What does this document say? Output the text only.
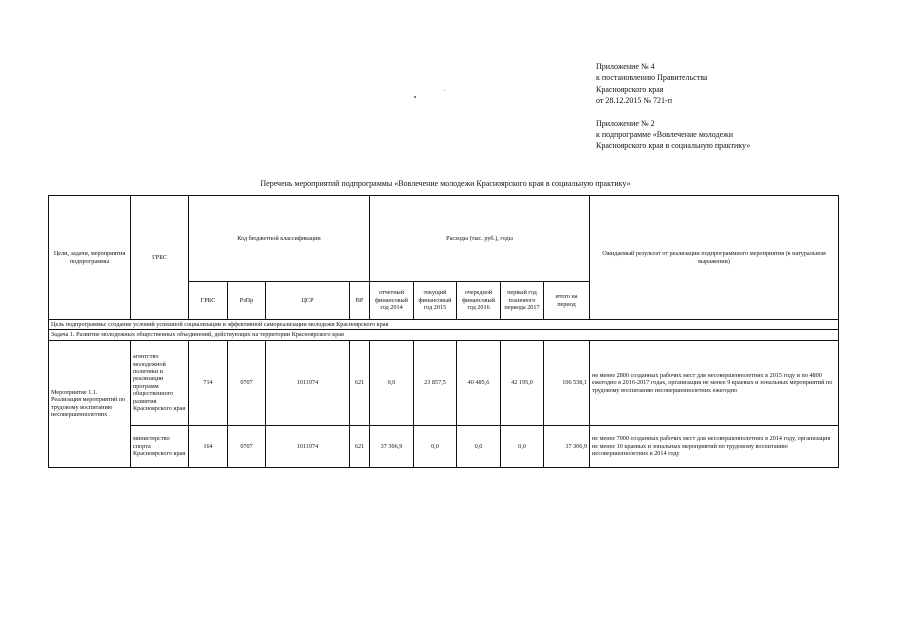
Приложение № 4
к постановлению Правительства
Красноярского края
от 28.12.2015 № 721-п
Приложение № 2
к подпрограмме «Вовлечение молодежи
Красноярского края в социальную практику»
Перечень мероприятий подпрограммы «Вовлечение молодежи Красноярского края в социальную практику»
Цели, задачи, мероприятия подпрограммы	ГРБС	Код бюджетной классификации				Расходы (тыс. руб.), годы					Ожидаемый результат от реализации подпрограммного мероприятия (в натуральном выражении)
		ГРБС	РзПр	ЦСР	ВР	отчетный финансовый год 2014	текущий финансовый год 2015	очередной финансовый год 2016	первый год планового периода 2017	итого на период	
Цель подпрограммы: создание условий успешной социализации и эффективной самореализации молодежи Красноярского края											
Задача 1. Развитие молодежных общественных объединений, действующих на территории Красноярского края											
Мероприятие 1.1. Реализация мероприятий по трудовому воспитанию несовершеннолетних	агентство молодежной политики и реализации программ общественного развития Красноярского края	714	0707	1011974	621	0,0	23 857,5	40 485,6	42 195,0	106 538,1	не менее 2800 созданных рабочих мест для несовершеннолетних в 2015 году и по 4800 ежегодно в 2016-2017 годах, организация не менее 9 краевых и зональных мероприятий по трудовому воспитанию несовершеннолетних ежегодно
	министерство спорта Красноярского края	164	0707	1011974	621	37 306,9	0,0	0,0	0,0	37 306,9	не менее 7000 созданных рабочих мест для несовершеннолетних в 2014 году, организация не менее 10 краевых и зональных мероприятий по трудовому воспитанию несовершеннолетних в 2014 году
